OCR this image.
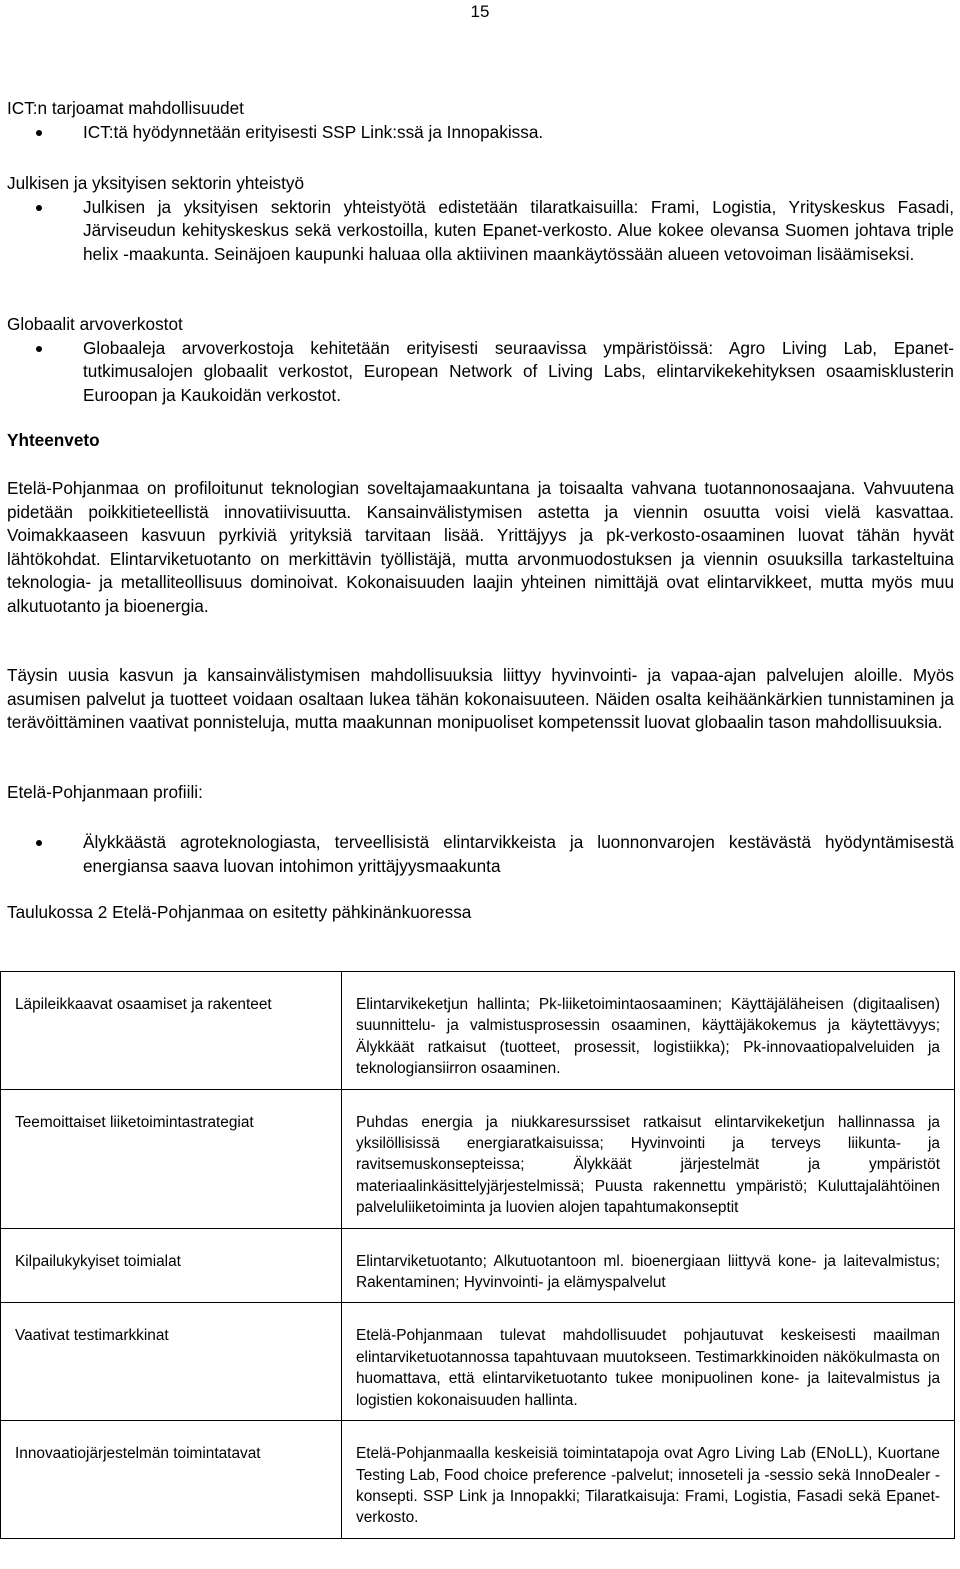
15
ICT:n tarjoamat mahdollisuudet
ICT:tä hyödynnetään erityisesti SSP Link:ssä ja Innopakissa.
Julkisen ja yksityisen sektorin yhteistyö
Julkisen ja yksityisen sektorin yhteistyötä edistetään tilaratkaisuilla: Frami, Logistia, Yrityskeskus Fasadi, Järviseudun kehityskeskus sekä verkostoilla, kuten Epanet-verkosto. Alue kokee olevansa Suomen johtava triple helix -maakunta. Seinäjoen kaupunki haluaa olla aktiivinen maankäytössään alueen vetovoiman lisäämiseksi.
Globaalit arvoverkostot
Globaaleja arvoverkostoja kehitetään erityisesti seuraavissa ympäristöissä: Agro Living Lab, Epanet-tutkimusalojen globaalit verkostot, European Network of Living Labs, elintarvikekehityksen osaamisklusterin Euroopan ja Kaukoidän verkostot.
Yhteenveto

Etelä-Pohjanmaa on profiloitunut teknologian soveltajamaakuntana ja toisaalta vahvana tuotannonosaajana. Vahvuutena pidetään poikkitieteellistä innovatiivisuutta. Kansainvälistymisen astetta ja viennin osuutta voisi vielä kasvattaa. Voimakkaaseen kasvuun pyrkiviä yrityksiä tarvitaan lisää. Yrittäjyys ja pk-verkosto-osaaminen luovat tähän hyvät lähtökohdat. Elintarviketuotanto on merkittävin työllistäjä, mutta arvonmuodostuksen ja viennin osuuksilla tarkasteltuina teknologia- ja metalliteollisuus dominoivat. Kokonaisuuden laajin yhteinen nimittäjä ovat elintarvikkeet, mutta myös muu alkutuotanto ja bioenergia.

Täysin uusia kasvun ja kansainvälistymisen mahdollisuuksia liittyy hyvinvointi- ja vapaa-ajan palvelujen aloille. Myös asumisen palvelut ja tuotteet voidaan osaltaan lukea tähän kokonaisuuteen. Näiden osalta keihäänkärkien tunnistaminen ja terävöittäminen vaativat ponnisteluja, mutta maakunnan monipuoliset kompetenssit luovat globaalin tason mahdollisuuksia.

Etelä-Pohjanmaan profiili:
Älykkäästä agroteknologiasta, terveellisistä elintarvikkeista ja luonnonvarojen kestävästä hyödyntämisestä energiansa saava luovan intohimon yrittäjyysmaakunta
Taulukossa 2 Etelä-Pohjanmaa on esitetty pähkinänkuoressa
Läpileikkaavat osaamiset ja rakenteet	Elintarvikeketjun hallinta; Pk-liiketoimintaosaaminen; Käyttäjäläheisen (digitaalisen) suunnittelu- ja valmistusprosessin osaaminen, käyttäjäkokemus ja käytettävyys; Älykkäät ratkaisut (tuotteet, prosessit, logistiikka); Pk-innovaatiopalveluiden ja teknologiansiirron osaaminen.

Teemoittaiset liiketoimintastrategiat	Puhdas energia ja niukkaresurssiset ratkaisut elintarvikeketjun hallinnassa ja yksilöllisissä energiaratkaisuissa; Hyvinvointi ja terveys liikunta- ja ravitsemuskonsepteissa; Älykkäät järjestelmät ja ympäristöt materiaalinkäsittelyjärjestelmissä; Puusta rakennettu ympäristö; Kuluttajalähtöinen palveluliiketoiminta ja luovien alojen tapahtumakonseptit

Kilpailukykyiset toimialat	Elintarviketuotanto; Alkutuotantoon ml. bioenergiaan liittyvä kone- ja laitevalmistus; Rakentaminen; Hyvinvointi- ja elämyspalvelut

Vaativat testimarkkinat	Etelä-Pohjanmaan tulevat mahdollisuudet pohjautuvat keskeisesti maailman elintarviketuotannossa tapahtuvaan muutokseen. Testimarkkinoiden näkökulmasta on huomattava, että elintarviketuotanto tukee monipuolinen kone- ja laitevalmistus ja logistien kokonaisuuden hallinta.

Innovaatiojärjestelmän toimintatavat	Etelä-Pohjanmaalla keskeisiä toimintatapoja ovat Agro Living Lab (ENoLL), Kuortane Testing Lab, Food choice preference -palvelut; innoseteli ja -sessio sekä InnoDealer -konsepti. SSP Link ja Innopakki; Tilaratkaisuja: Frami, Logistia, Fasadi sekä Epanet-verkosto.
